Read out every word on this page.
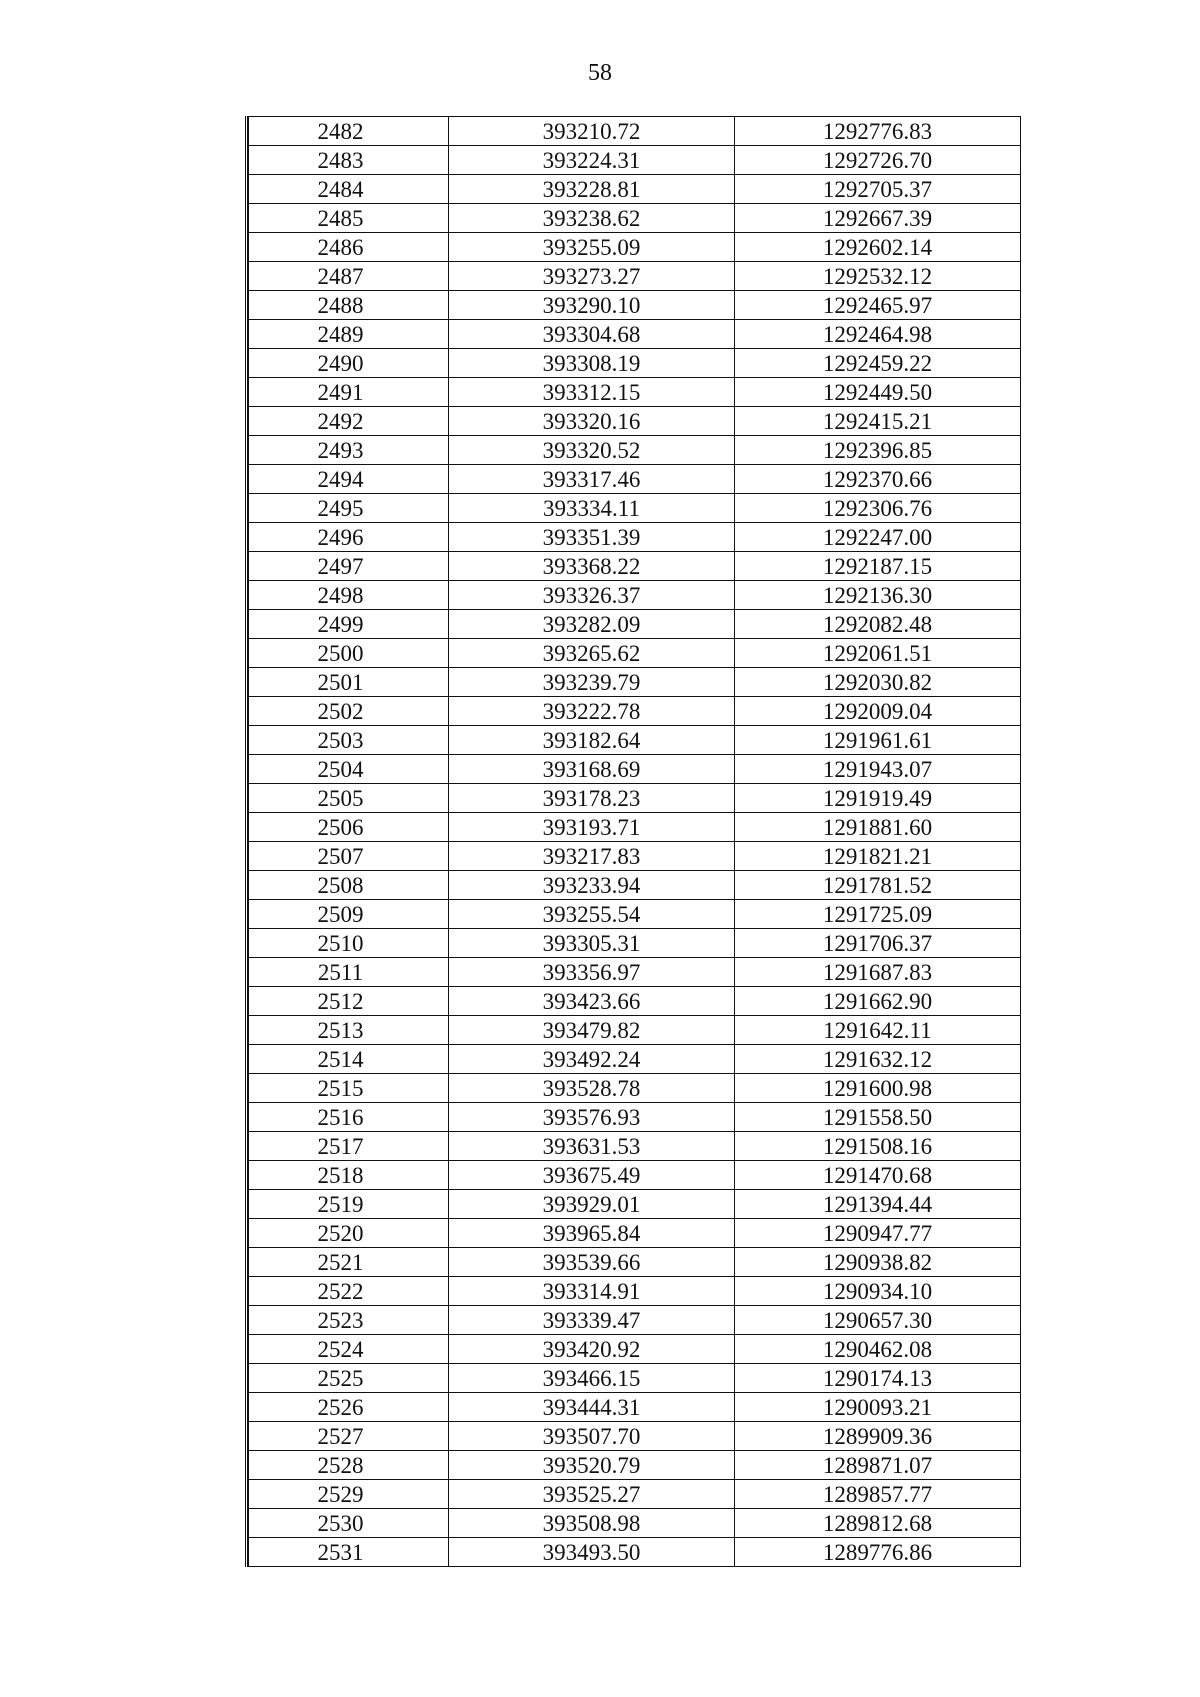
58
2482	393210.72	1292776.83
2483	393224.31	1292726.70
2484	393228.81	1292705.37
2485	393238.62	1292667.39
2486	393255.09	1292602.14
2487	393273.27	1292532.12
2488	393290.10	1292465.97
2489	393304.68	1292464.98
2490	393308.19	1292459.22
2491	393312.15	1292449.50
2492	393320.16	1292415.21
2493	393320.52	1292396.85
2494	393317.46	1292370.66
2495	393334.11	1292306.76
2496	393351.39	1292247.00
2497	393368.22	1292187.15
2498	393326.37	1292136.30
2499	393282.09	1292082.48
2500	393265.62	1292061.51
2501	393239.79	1292030.82
2502	393222.78	1292009.04
2503	393182.64	1291961.61
2504	393168.69	1291943.07
2505	393178.23	1291919.49
2506	393193.71	1291881.60
2507	393217.83	1291821.21
2508	393233.94	1291781.52
2509	393255.54	1291725.09
2510	393305.31	1291706.37
2511	393356.97	1291687.83
2512	393423.66	1291662.90
2513	393479.82	1291642.11
2514	393492.24	1291632.12
2515	393528.78	1291600.98
2516	393576.93	1291558.50
2517	393631.53	1291508.16
2518	393675.49	1291470.68
2519	393929.01	1291394.44
2520	393965.84	1290947.77
2521	393539.66	1290938.82
2522	393314.91	1290934.10
2523	393339.47	1290657.30
2524	393420.92	1290462.08
2525	393466.15	1290174.13
2526	393444.31	1290093.21
2527	393507.70	1289909.36
2528	393520.79	1289871.07
2529	393525.27	1289857.77
2530	393508.98	1289812.68
2531	393493.50	1289776.86
